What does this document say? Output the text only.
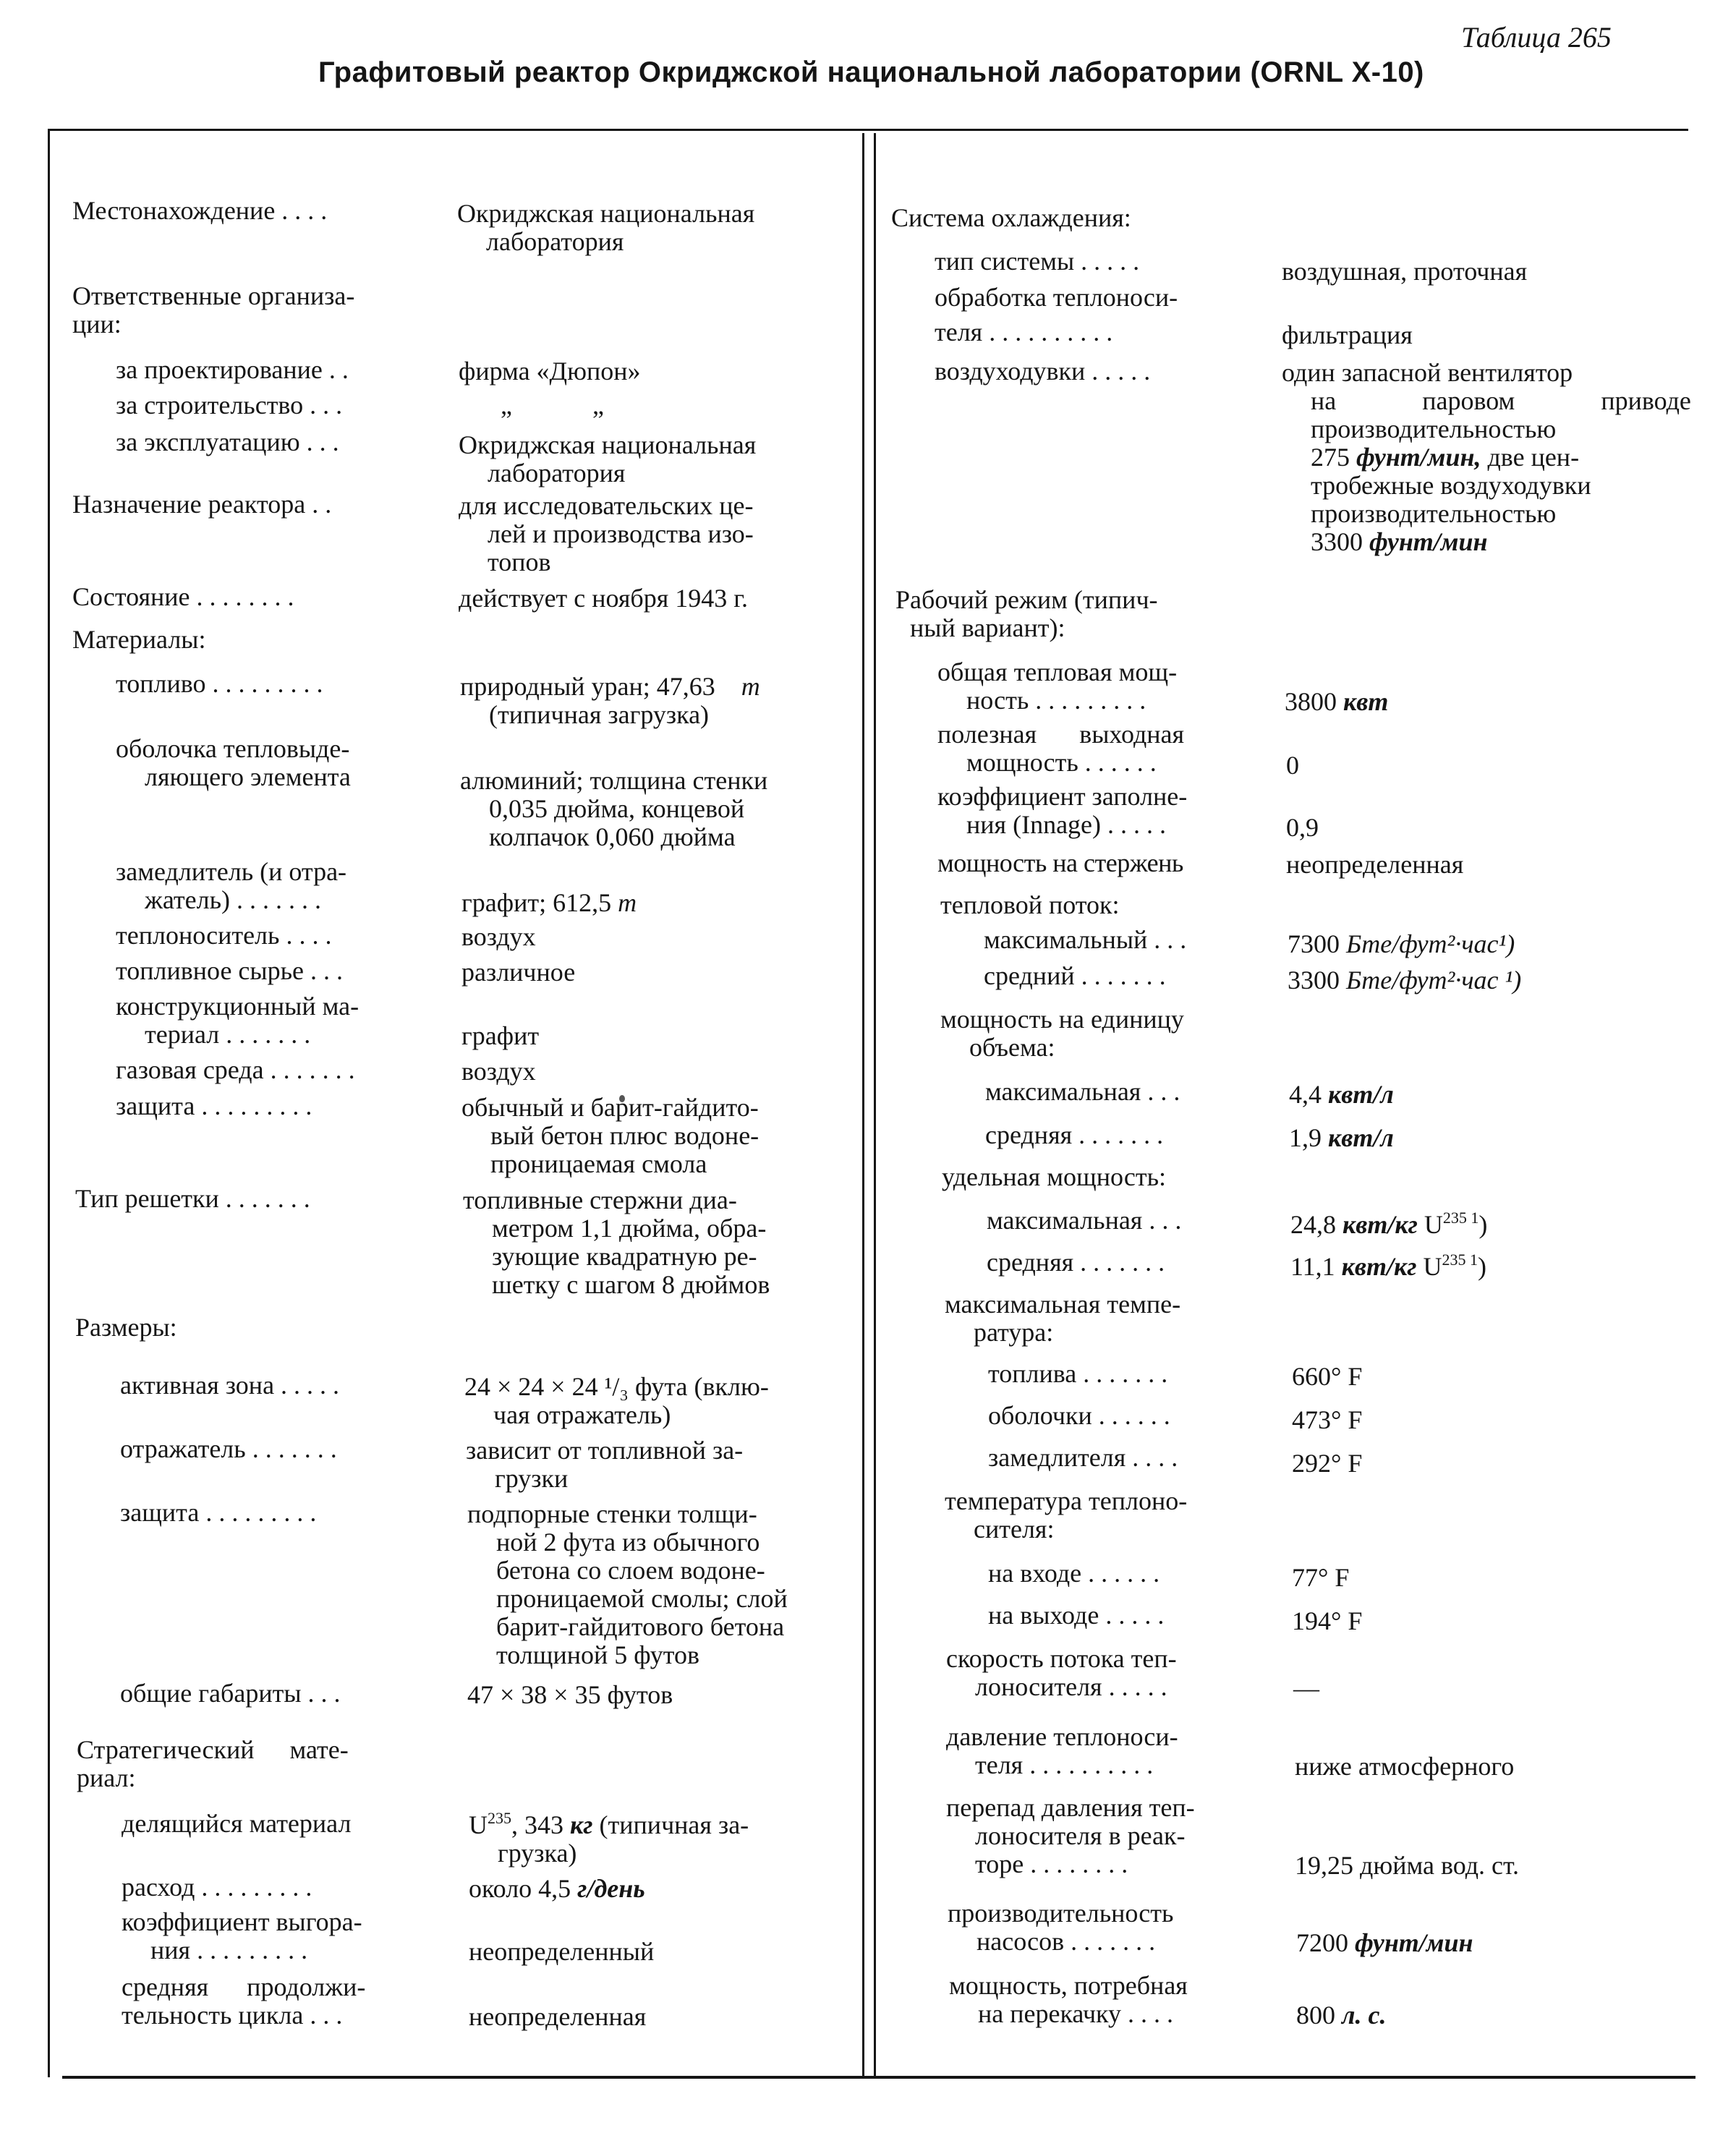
Таблица 265
Графитовый реактор Окриджской национальной лаборатории (ORNL X-10)
Местонахождение . . . .	Окриджская национальная
лаборатория
Ответственные организа-
ции:
за проектирование . .	фирма «Дюпон»
за строительство . . .	„ „
за эксплуатацию . . .	Окриджская национальная
лаборатория
Назначение реактора . .	для исследовательских це-
лей и производства изо-
топов
Состояние . . . . . . . .	действует с ноября 1943 г.
Материалы:
топливо . . . . . . . . .	природный уран; 47,63 т
(типичная загрузка)
оболочка тепловыде-
ляющего элемента	алюминий; толщина стенки
0,035 дюйма, концевой
колпачок 0,060 дюйма
замедлитель (и отра-
жатель) . . . . . . .	графит; 612,5 т
теплоноситель . . . .	воздух
топливное сырье . . .	различное
конструкционный ма-
териал . . . . . . .	графит
газовая среда . . . . . . .	воздух
защита . . . . . . . . .	обычный и барит-гайдито-
вый бетон плюс водоне-
проницаемая смола
Тип решетки . . . . . . .	топливные стержни диа-
метром 1,1 дюйма, обра-
зующие квадратную ре-
шетку с шагом 8 дюймов
Размеры:
активная зона . . . . .	24 × 24 × 24 ¹/₃ фута (вклю-
чая отражатель)
отражатель . . . . . . .	зависит от топливной за-
грузки
защита . . . . . . . . .	подпорные стенки толщи-
ной 2 фута из обычного
бетона со слоем водоне-
проницаемой смолы; слой
барит-гайдитового бетона
толщиной 5 футов
общие габариты . . .	47 × 38 × 35 футов
Стратегический мате-
риал:
делящийся материал	$U^{235}$, 343 кг (типичная за-
грузка)
расход . . . . . . . . .	около 4,5 г/день
коэффициент выгора-
ния . . . . . . . . .	неопределенный
средняя продолжи-
тельность цикла . . .	неопределенная
Система охлаждения:
тип системы . . . . .	воздушная, проточная
обработка теплоноси-
теля . . . . . . . . . .	фильтрация
воздуходувки . . . . .	один запасной вентилятор
на паровом приводе
производительностью
275 фунт/мин, две цен-
тробежные воздуходувки
производительностью
3300 фунт/мин
Рабочий режим (типич-
ный вариант):
общая тепловая мощ-
ность . . . . . . . . .	3800 квт
полезная выходная
мощность . . . . . .	0
коэффициент заполне-
ния (Innage) . . . . .	0,9
мощность на стержень	неопределенная
тепловой поток:
максимальный . . .	7300 Бте/фут²·час¹)
средний . . . . . . .	3300 Бте/фут²·час ¹)
мощность на единицу
объема:
максимальная . . .	4,4 квт/л
средняя . . . . . . .	1,9 квт/л
удельная мощность:
максимальная . . .	24,8 квт/кг $U^{235 1}$)
средняя . . . . . . .	11,1 квт/кг $U^{235 1}$)
максимальная темпе-
ратура:
топлива . . . . . . .	660° F
оболочки . . . . . .	473° F
замедлителя . . . .	292° F
температура теплоно-
сителя:
на входе . . . . . .	77° F
на выходе . . . . .	194° F
скорость потока теп-
лоносителя . . . . .	—
давление теплоноси-
теля . . . . . . . . . .	ниже атмосферного
перепад давления теп-
лоносителя в реак-
торе . . . . . . . .	19,25 дюйма вод. ст.
производительность
насосов . . . . . . .	7200 фунт/мин
мощность, потребная
на перекачку . . . .	800 л. с.
